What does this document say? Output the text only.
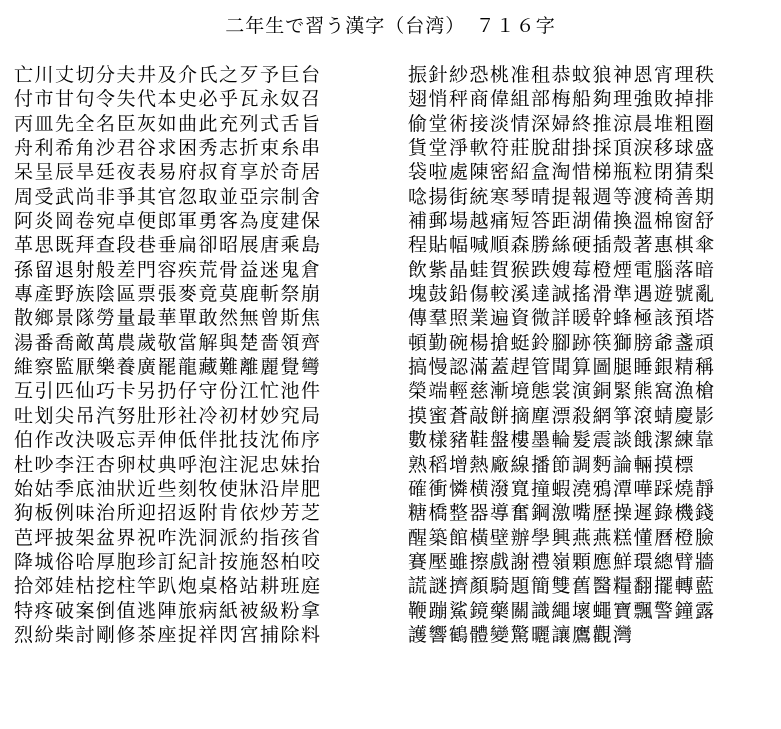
二年生で習う漢字（台湾）　７１６字
亡川丈切分夫井及介氏之歹予巨台
付市甘句令失代本史必乎瓦永奴召
丙皿先全名臣灰如曲此充列式舌旨
舟利希角沙君谷求困秀志折束糸串
呆呈辰旱廷夜表易府叔育享於奇居
周受武尚非爭其官忽取並亞宗制舍
阿炎岡卷宛卓便郎軍勇客為度建保
革思既拜查段巷垂扁卻昭展唐乘島
孫留退射般差門容疾荒骨益迷鬼倉
專產野族陰區票張麥竟莫鹿斬祭崩
散鄉景隊勞量最華單敢然無曾斯焦
湯番喬敵萬農歲敬當解與楚嗇領齊
維察監厭樂養廣罷龍藏難離麗覺彎
互引匹仙巧卡另扔仔守份江忙池件
吐划尖吊汽努肚形社冷初材妙究局
伯作改決吸忘弄伸低伴批技沈佈序
杜吵李汪杏卵杖典呼泡注泥忠妹抬
始姑季底油狀近些刻牧使牀沿岸肥
狗板例味治所迎招返附肯依炒芳芝
芭坪披架盆界祝咋洗洞派約指孩省
降城俗哈厚胞珍訂紀計按施怒柏咬
拾郊娃枯挖柱竿趴炮桌格站耕班庭
特疼破案倒值逃陣旅病紙被級粉拿
烈紛柴討剛修茶座捉祥閃宮捕除料
振針紗恐桃准租恭蚊狼神恩宵理秩
翅悄秤商偉組部梅船夠理強敗掉排
偷堂術接淡情深婦終推涼晨堆粗圈
貨堂淨軟符莊脫甜掛採頂淚移球盛
袋啦處陳密紹盒淘惜梯瓶粒閉猜梨
唸揚街統寒琴晴提報週等渡椅善期
補郵場越痛短答距湖備換溫棉窗舒
程貼幅喊順森勝絲硬插殼著惠棋傘
飲紫晶蛙賀猴跌嫂莓橙煙電腦落暗
塊鼓鉛傷較溪達誠搖滑準遇遊號亂
傳羣照業遍資微詳暖幹蜂極該預塔
頓勤碗楊搶蜓鈴腳跡筷獅膀爺盞頑
搞慢認滿蓋趕管聞算圖腿睡銀精稱
榮端輕慈漸境態裳演銅緊熊窩漁槍
摸蜜蒼敲餅摘塵漂殺網箏滾蜻慶影
數樣豬鞋盤樓墨輪髮震談餓潔練靠
熟稻增熱廠線播節調麪論輛摸標
確衝憐横潑寬撞蝦澆鴉潭嘩踩燒靜
糖橋整器導奮鋼激嘴歷操遲錄機錢
醒築館橫壁辦學興燕燕糕懂曆橙臉
賽壓雖擦戲謝禮嶺顆應鮮環總臂牆
謊謎擠顏騎題簡雙舊醫糧翻擺轉藍
鞭蹦鯊鏡藥關識繩壞蠅寶飄警鐘露
護響鶴體變驚曬讓鷹觀灣
